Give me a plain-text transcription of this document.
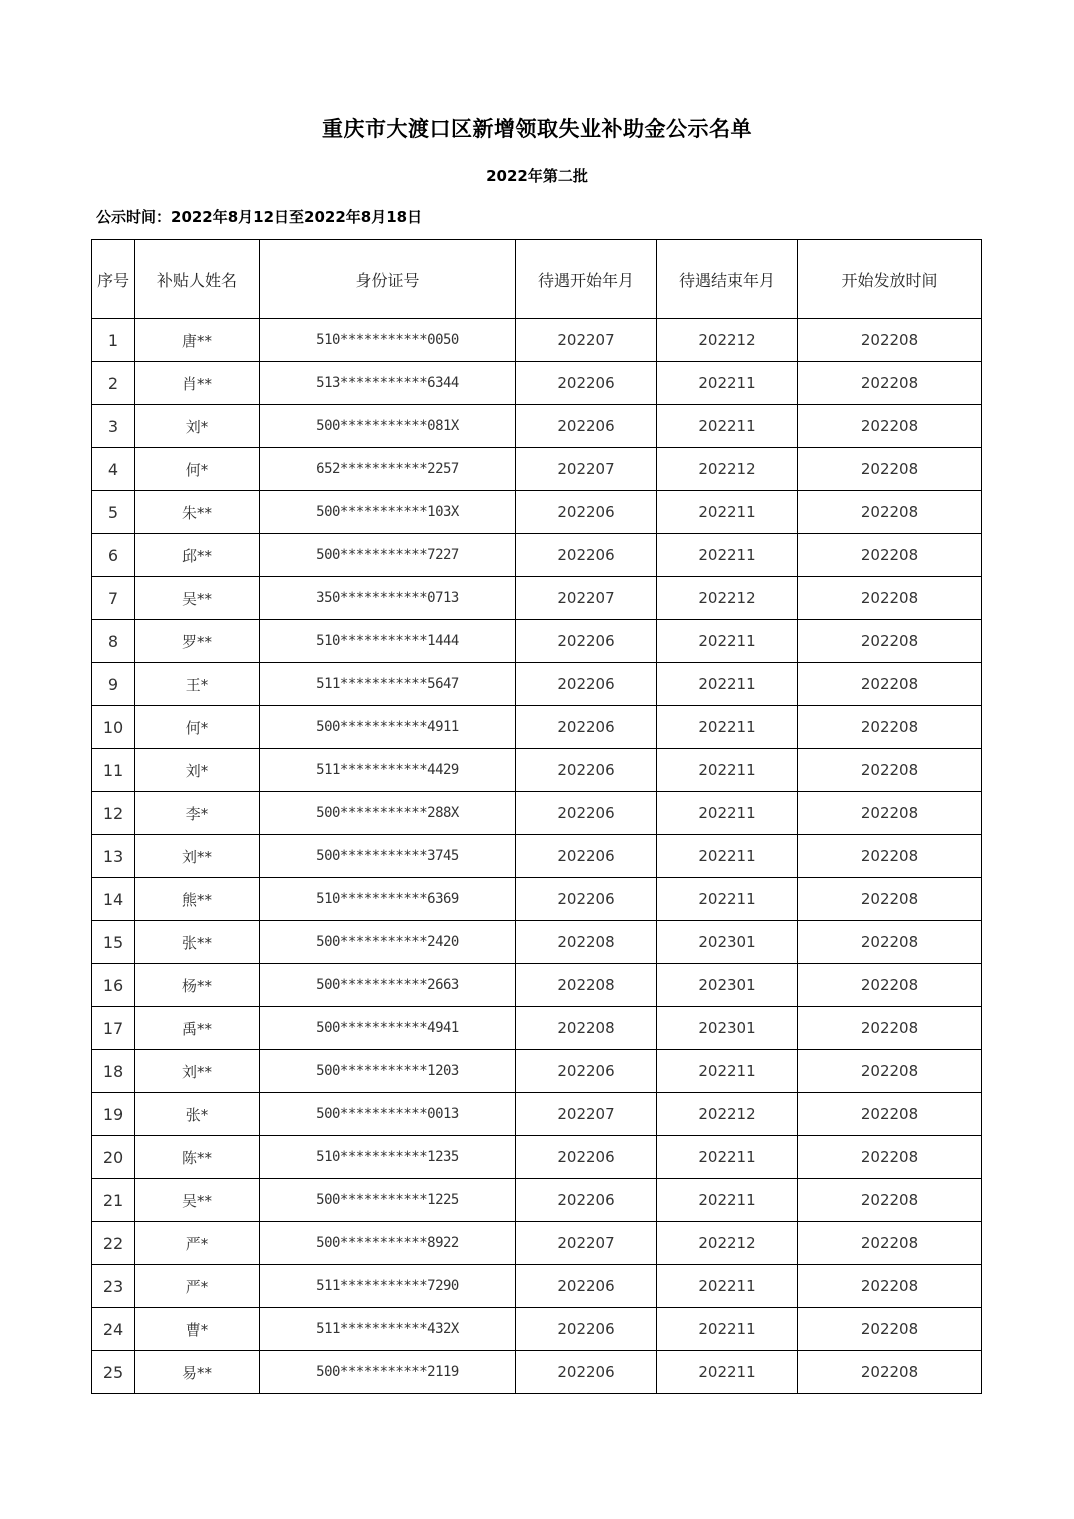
重庆市大渡口区新增领取失业补助金公示名单
2022年第二批
公示时间：2022年8月12日至2022年8月18日
序号	补贴人姓名	身份证号	待遇开始年月	待遇结束年月	开始发放时间
1	唐**	510***********0050	202207	202212	202208
2	肖**	513***********6344	202206	202211	202208
3	刘*	500***********081X	202206	202211	202208
4	何*	652***********2257	202207	202212	202208
5	朱**	500***********103X	202206	202211	202208
6	邱**	500***********7227	202206	202211	202208
7	吴**	350***********0713	202207	202212	202208
8	罗**	510***********1444	202206	202211	202208
9	王*	511***********5647	202206	202211	202208
10	何*	500***********4911	202206	202211	202208
11	刘*	511***********4429	202206	202211	202208
12	李*	500***********288X	202206	202211	202208
13	刘**	500***********3745	202206	202211	202208
14	熊**	510***********6369	202206	202211	202208
15	张**	500***********2420	202208	202301	202208
16	杨**	500***********2663	202208	202301	202208
17	禹**	500***********4941	202208	202301	202208
18	刘**	500***********1203	202206	202211	202208
19	张*	500***********0013	202207	202212	202208
20	陈**	510***********1235	202206	202211	202208
21	吴**	500***********1225	202206	202211	202208
22	严*	500***********8922	202207	202212	202208
23	严*	511***********7290	202206	202211	202208
24	曹*	511***********432X	202206	202211	202208
25	易**	500***********2119	202206	202211	202208
